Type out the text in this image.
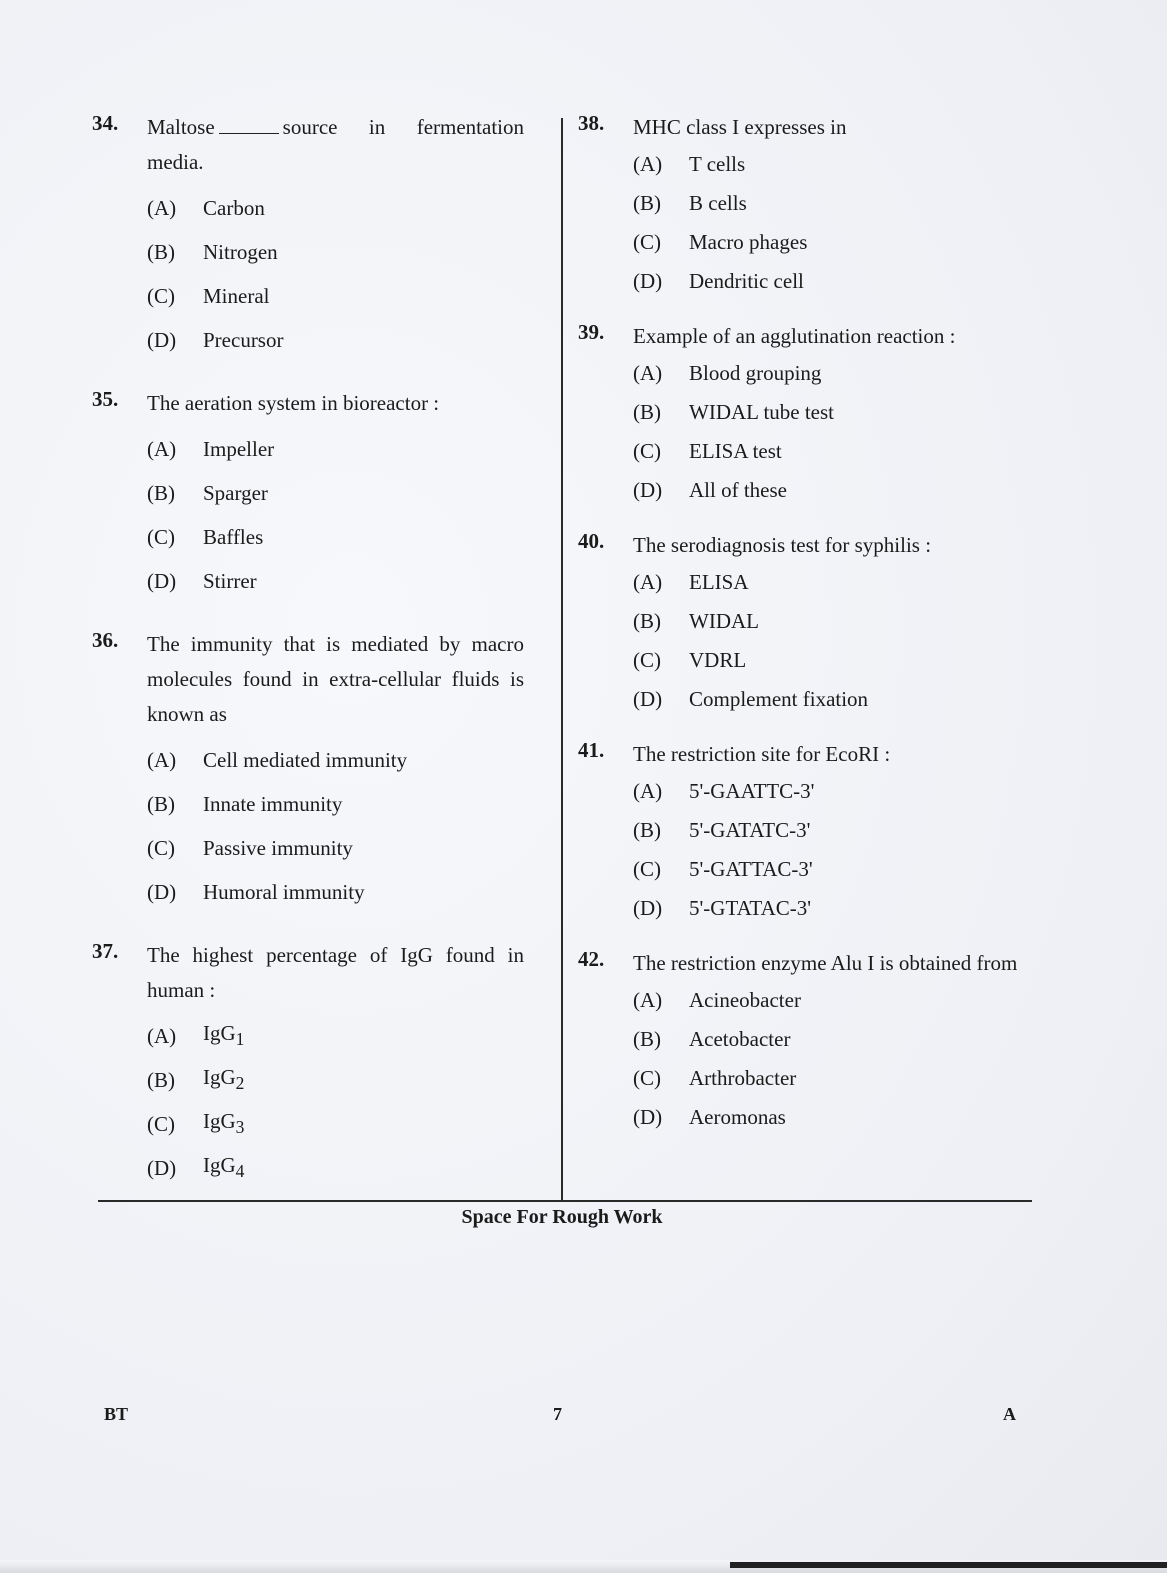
34. Maltose	source in fermentation media.
(A)	Carbon
(B)	Nitrogen
(C)	Mineral
(D)	Precursor
35. The aeration system in bioreactor :
(A)	Impeller
(B)	Sparger
(C)	Baffles
(D)	Stirrer
36. The immunity that is mediated by macro molecules found in extra-cellular fluids is known as
(A)	Cell mediated immunity
(B)	Innate immunity
(C)	Passive immunity
(D)	Humoral immunity
37. The highest percentage of IgG found in human :
(A)	IgG$_1$
(B)	IgG$_2$
(C)	IgG$_3$
(D)	IgG$_4$
38. MHC class I expresses in
(A)	T cells
(B)	B cells
(C)	Macro phages
(D)	Dendritic cell
39. Example of an agglutination reaction :
(A)	Blood grouping
(B)	WIDAL tube test
(C)	ELISA test
(D)	All of these
40. The serodiagnosis test for syphilis :
(A)	ELISA
(B)	WIDAL
(C)	VDRL
(D)	Complement fixation
41. The restriction site for EcoRI :
(A)	5'-GAATTC-3'
(B)	5'-GATATC-3'
(C)	5'-GATTAC-3'
(D)	5'-GTATAC-3'
42. The restriction enzyme Alu I is obtained from
(A)	Acineobacter
(B)	Acetobacter
(C)	Arthrobacter
(D)	Aeromonas
Space For Rough Work
BT	7	A
